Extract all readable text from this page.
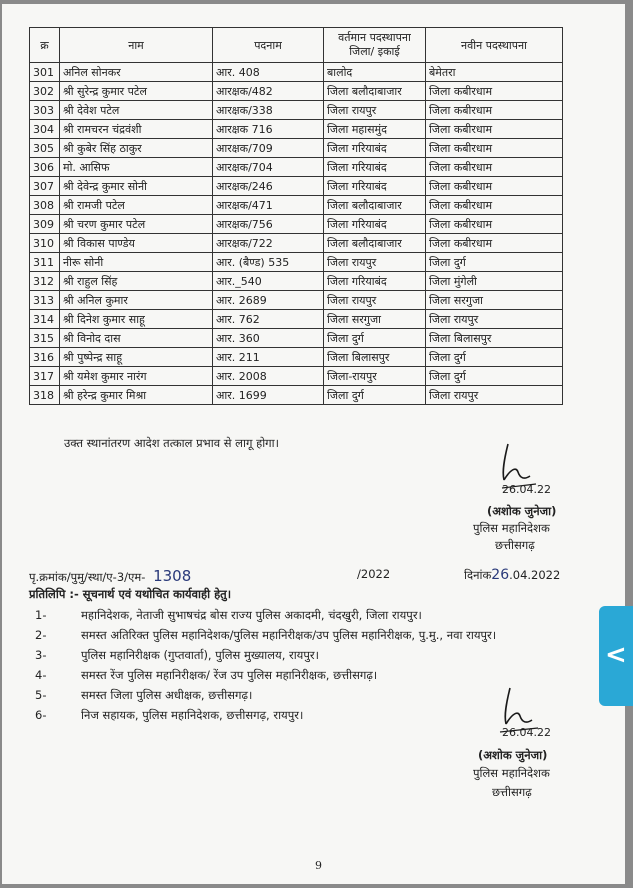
क्र	नाम	पदनाम	वर्तमान पदस्थापना जिला/ इकाई	नवीन पदस्थापना
301	अनिल सोनकर	आर. 408	बालोद	बेमेतरा
302	श्री सुरेन्द्र कुमार पटेल	आरक्षक/482	जिला बलौदाबाजार	जिला कबीरधाम
303	श्री देवेश पटेल	आरक्षक/338	जिला रायपुर	जिला कबीरधाम
304	श्री रामचरन चंद्रवंशी	आरक्षक 716	जिला महासमुंद	जिला कबीरधाम
305	श्री कुबेर सिंह ठाकुर	आरक्षक/709	जिला गरियाबंद	जिला कबीरधाम
306	मो. आसिफ	आरक्षक/704	जिला गरियाबंद	जिला कबीरधाम
307	श्री देवेन्द्र कुमार सोनी	आरक्षक/246	जिला गरियाबंद	जिला कबीरधाम
308	श्री रामजी पटेल	आरक्षक/471	जिला बलौदाबाजार	जिला कबीरधाम
309	श्री चरण कुमार पटेल	आरक्षक/756	जिला गरियाबंद	जिला कबीरधाम
310	श्री विकास पाण्डेय	आरक्षक/722	जिला बलौदाबाजार	जिला कबीरधाम
311	नीरू सोनी	आर. (बैण्ड) 535	जिला रायपुर	जिला दुर्ग
312	श्री राहुल सिंह	आर._540	जिला गरियाबंद	जिला मुंगेली
313	श्री अनिल कुमार	आर. 2689	जिला रायपुर	जिला सरगुजा
314	श्री दिनेश कुमार साहू	आर. 762	जिला सरगुजा	जिला रायपुर
315	श्री विनोद दास	आर. 360	जिला दुर्ग	जिला बिलासपुर
316	श्री पुष्पेन्द्र साहू	आर. 211	जिला बिलासपुर	जिला दुर्ग
317	श्री यमेश कुमार नारंग	आर. 2008	जिला-रायपुर	जिला दुर्ग
318	श्री हरेन्द्र कुमार मिश्रा	आर. 1699	जिला दुर्ग	जिला रायपुर
उक्त स्थानांतरण आदेश तत्काल प्रभाव से लागू होगा।
26.04.22
(अशोक जुनेजा)
पुलिस महानिदेशक
छत्तीसगढ़
पृ.क्रमांक/पुमु/स्था/ए-3/एम- 1308	/2022	दिनांक26.04.2022
प्रतिलिपि :- सूचनार्थ एवं यथोचित कार्यवाही हेतु।
1-	महानिदेशक, नेताजी सुभाषचंद्र बोस राज्य पुलिस अकादमी, चंदखुरी, जिला रायपुर।
2-	समस्त अतिरिक्त पुलिस महानिदेशक/पुलिस महानिरीक्षक/उप पुलिस महानिरीक्षक, पु.मु., नवा रायपुर।
3-	पुलिस महानिरीक्षक (गुप्तवार्ता), पुलिस मुख्यालय, रायपुर।
4-	समस्त रेंज पुलिस महानिरीक्षक/ रेंज उप पुलिस महानिरीक्षक, छत्तीसगढ़।
5-	समस्त जिला पुलिस अधीक्षक, छत्तीसगढ़।
6-	निज सहायक, पुलिस महानिदेशक, छत्तीसगढ़, रायपुर।
26.04.22
(अशोक जुनेजा)
पुलिस महानिदेशक
छत्तीसगढ़
9
<
